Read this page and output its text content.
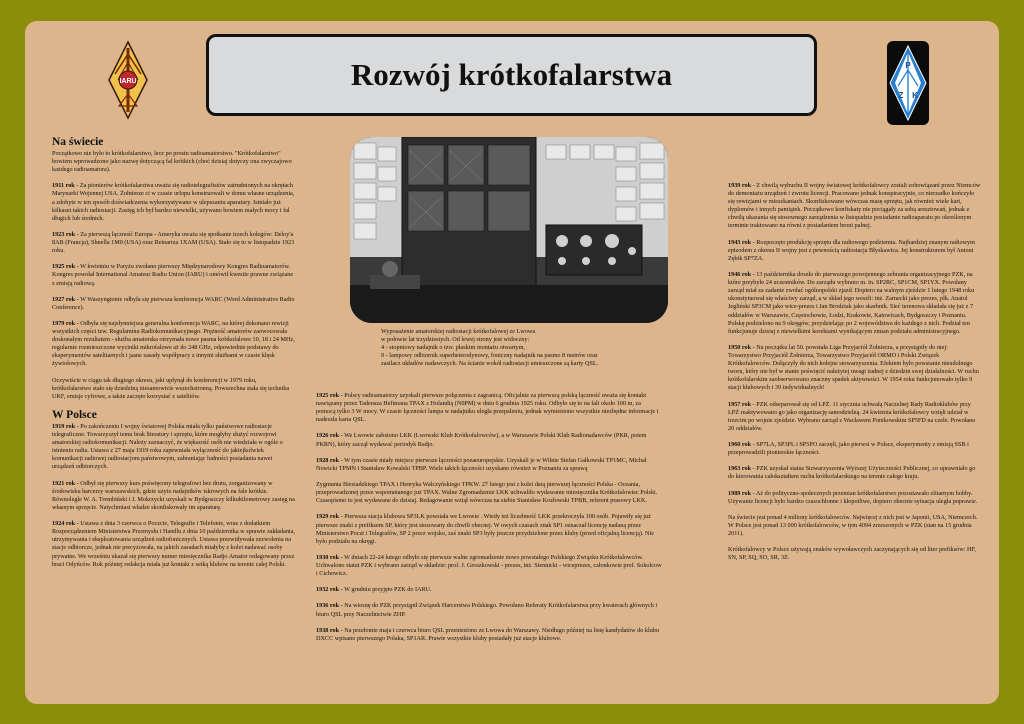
IARU
P
Z K
Rozwój krótkofalarstwa
Na świecie

Początkowo nie było to krótkofalarstwo, lecz po prostu radioamatorstwo. "Krótkofalarstwo" bowiem wprowadzono jako nazwę dotyczącą fal krótkich (choć dzisiaj dotyczy ona zwyczajowo każdego radioamatora).

1911 rok - Za pionierów krótkofalarstwa uważa się radiotelegrafistów zatrudnionych na okrętach Marynarki Wojennej USA. Żołnierze ci w czasie urlopu konstruowali w domu własne urządzenia, a zdobyte w ten sposób doświadczenia wykorzystywano w ulepszaniu aparatury. Istniało już kilkaset takich radiostacji. Zasięg ich był bardzo niewielki, używano bowiem małych mocy i fal długich lub średnich.

1923 rok - Za pierwszą łączność Europa - Ameryka uważa się spotkanie trzech kolegów: Deloy'a 8AB (Francja), Shnella 1M0 (USA) oraz Reinartza 1XAM (USA). Stało się to w listopadzie 1923 roku.

1925 rok - W kwietniu w Paryżu zwołano pierwszy Międzynarodowy Kongres Radioamatorów. Kongres powołał International Amateur Radio Union (IARU) i omówił kwestie prawne związane z emisją radiową.

1927 rok - W Waszyngtonie odbyła się pierwsza konferencja WARC (Word Administrative Radio Conference).

1979 rok - Odbyła się najsłynniejsza generalna konferencja WARC, na której dokonano rewizji wszystkich części tzw. Regulaminu Radiokomunikacyjnego. Prężność amatorów zaowocowała doskonałym rezultatem - służba amatorska otrzymała nowe pasma krótkofalowe 10, 18 i 24 MHz, regularnie rozmieszczone wyciniki mikrofalowe aż do 248 GHz, odpowiednie podstawy do eksperymentów satelitarnych i jasne zasady współpracy z innymi służbami w czasie klęsk żywiołowych.

Oczywiście w ciągu tak długiego okresu, jaki upłynął do konferencji w 1979 roku, krótkofalarstwo stało się dziedziną niesamowicie wszechstronną. Powszechna stała się technika UKF, emisje cyfrowe, a także zaczęto korzystać z satelitów.

W Polsce

1919 rok - Po zakończeniu I wojny światowej Polska miała tylko państwowe radiostacje telegraficzne. Towarzyszył temu brak literatury i sprzętu, które mogłyby służyć rozwojowi amatorskiej radiokomunikacji. Należy zaznaczyć, że większość osób nie wiedziała w ogóle o istnieniu radia. Ustawa z 27 maja 1919 roku zapewniała wyłączność do jakiejkolwiek komunikacji radiowej radiostacjom państwowym, zabraniając ludności posiadania nawet urządzeń odbiorczych.

1921 rok - Odbył się pierwszy kurs poświęcony telegrafowi bez drutu, zorganizowany w środowisku harcerzy warszawskich, gdzie użyto nadajników iskrowych na fale krótkie. Równolegle W. A. Trembiński i J. Mokrzycki uzyskali w Bydgoszczy kilkukilometrowy zasięg na własnym sprzęcie. Natychmiast władze skonfiskowały im aparaturę.

1924 rok - Ustawa z dnia 3 czerwca o Poczcie, Telegrafie i Telefonie, wraz z dodatkiem Rozporządzeniem Ministerstwa Przemysłu i Handlu z dnia 10 października w sprawie zakładania, utrzymywania i eksploatowania urządzeń radiofonicznych. Ustawa przewidywała zezwolenia na stacje odbiorcze, jednak nie precyzowała, na jakich zasadach miałyby z kolei nadawać osoby prywatne. We wrześniu ukazał się pierwszy numer miesięcznika Radjo Amator redagowany przez braci Odyńców. Rok później redakcja miała już kontakt z setką klubów na terenie całej Polski.

Wyposażenie amatorskiej radiostacji krótkofalowej ze Lwowa
w połowie lat trzydziestych. Od lewej strony jest widoczny:
4 - stopniowy nadajnik o tzw. płaskim montażu otwartym,
9 - lampowy odbiornik superheterodynowy, foniczny nadajnik na pasmo 8 metrów oraz
zasilacz układów nadawczych. Na ścianie wokół radiostacji umieszczone są karty QSL.

1925 rok - Polscy radioamatorzy uzyskali pierwsze połączenia z zagranicą. Oficjalnie za pierwszą polską łączność uważa się kontakt nawiązany przez Tadeusza Heftmana TPAX z Holandią (N0PM) w dniu 6 grudnia 1925 roku. Odbyło się to na fali około 100 m, za pomocą tylko 3 W mocy. W czasie łączności lampa w nadajniku uległa przepaleniu, jednak wymieniono wszystkie niezbędne informacje i nadeszła karta QSL.

1926 rok - We Lwowie założono LKK (Lwowski Klub Krótkofalowców), a w Warszawie Polski Klub Radionadawców (PKR, potem PKRN), który zaczął wydawać periodyk Radjo.

1928 rok - W tym czasie miały miejsce pierwsze łączności pozaeuropejskie. Uzyskali je w Wilnie Stefan Gałkowski TP1MC, Michał Nowicki TPMN i Stanisław Kowalski TPBP. Wiele takich łączności uzyskano również w Poznaniu za sprawą

Zygmunta Biesiadzkiego TPAX i Henryka Walczyńskiego TPKW. 27 lutego jest z kolei datą pierwszej łączności Polska - Oceania, przeprowadzonej przez wspomnianego już TPAX. Walne Zgromadzenie LKK uchwaliło wydawanie miesięcznika Krótkofalowiec Polski. Czasopismo to jest wydawane do dzisiaj. Redagowanie wziął wówczas na siebie Stanisław Kozłowski TPBB, referent prasowy LKK.

1929 rok - Pierwsza stacja klubowa SP3LK powstała we Lwowie . Wtedy też liczebność LKK przekroczyła 100 osób. Pojawiły się już pierwsze znaki z prefiksem SP, który jest stosowany do chwili obecnej. W owych czasach znak SP1 oznaczał licencję nadaną przez Ministerstwo Poczt i Telegrafów, SP 2 przez wojsko, zaś znaki SP3 były jeszcze przydzielone przez kluby (przed oficjalną licencją). Nie było podziału na okręgi.

1930 rok - W dniach 22-24 lutego odbyło się pierwsze walne zgromadzenie nowo powstałego Polskiego Związku Krótkofalowców. Uchwalono statut PZK i wybrano zarząd w składzie: prof. J. Groszkowski - prezes, inż. Siennicki - wiceprezes, członkowie prof. Sokolcow i Cichowicz.

1932 rok - W grudniu przyjęto PZK do IARU.

1936 rok - Na wiosnę do PZK przystąpił Związek Harcerstwa Polskiego. Powołano Referaty Krótkofalarstwa przy kwaterach głównych i biuro QSL przy Naczelnictwie ZHP.

1938 rok - Na przełomie maja i czerwca biuro QSL przeniesiono ze Lwowa do Warszawy. Niedługo później na listę kandydatów do klubu DXCC wpisano pierwszego Polaka, SP1AR. Prawie wszystkie kluby posiadały już stacje klubowe.

1939 rok - Z chwilą wybuchu II wojny światowej krótkofalowcy zostali zobowiązani przez Niemców do demontażu urządzeń i zwrotu licencji. Pracowano jednak konspiracyjnie, co nierzadko kończyło się rewizjami w mieszkaniach. Skonfiskowano wówczas masę sprzętu, jak również wiele kart, dyplomów i innych pamiątek. Początkowo konfiskaty nie pociągały za sobą aresztowań, jednak z chwilą ukazania się stosownego zarządzenia w listopadzie posiadanie radioaparatu po określonym terminie traktowano na równi z posiadaniem broni palnej.

1943 rok - Rozpoczęto produkcję sprzętu dla radiowego podziemia. Najbardziej znanym radiowym epizodem z okresu II wojny jest z pewnością radiostacja Błyskawica. Jej konstruktorem był Antoni Zębik SP7ZA.

1946 rok - 13 października doszło do pierwszego powojennego zebrania organizacyjnego PZK, na które przybyło 24 uczestników. Do zarządu wybrano m. in. SP2RC, SP1CM, SP1YX. Powołany zarząd miał za zadanie zwołać ogólnopolski zjazd. Dopiero na walnym zjeździe 1 lutego 1948 roku ukonstytuował się właściwy zarząd, a w skład jego weszli: inż. Zarnecki jako prezes, plk. Anatol Jegliński SP3CM jako wice-prezes i Jan Brodziak jako skarbnik. Sieć terenowa składała się już z 7 oddziałów w Warszawie, Częstochowie, Łodzi, Krakowie, Katowicach, Bydgoszczy i Poznaniu. Polskę podzielono na 9 okręgów, przydzielając po 2 województwa do każdego z nich. Podział ten funkcjonuje dzisiaj z niewielkimi korektami wynikającym zmian podziału administracyjnego.

1950 rok - Na początku lat 50. powstała Liga Przyjaciół Żołnierza, a przystąpiły do niej: Towarzystwo Przyjaciół Żołnierza, Towarzystwo Przyjaciół ORMO i Polski Związek Krótkofalowców. Dołączyły do nich kolejne stowarzyszenia. Efektem było powstanie nieudolnego tworu, który nie był w stanie poświęcić należytej uwagi żadnej z dziedzin swej działalności. W ruchu krótkofalarskim zaobserwowano znaczny spadek aktywności. W 1954 roku funkcjonowało tylko 9 stacji klubowych i 39 indywidualnych!

1957 rok - PZK odseparował się od LPŻ. 11 stycznia uchwałą Naczelnej Rady Radioklubów przy LPŻ reaktywowano go jako organizację samodzielną. 24 kwietnia krótkofalowcy wzięli udział w trzecim po wojnie zjeździe. Wybrano zarząd z Wacławem Ponikowskim SP5FD na czele. Powołano 20 oddziałów.

1960 rok - SP7LA, SP3PL i SP5PO zaczęli, jako pierwsi w Polsce, eksperymenty z emisją SSB i przeprowadzili pionierskie łączności.

1963 rok - PZK uzyskał status Stowarzyszenia Wyższej Użyteczności Publicznej, co uprawniało go do kierowania całokształtem ruchu krótkofalarskiego na terenie całego kraju.

1989 rok - Aż do polityczno-społecznych przemian krótkofalarstwo pozostawało elitarnym hobby. Używanie licencji było bardzo czasochłonne i kłopotliwe, dopiero obecnie sytuacja uległa poprawie.

Na świecie jest ponad 4 miliony krótkofalowców. Najwięcej z nich jest w Japonii, USA, Niemczech. W Polsce jest ponad 13 000 krótkofalowców, w tym 4094 zrzeszonych w PZK (stan na 15 grudnia 2011).

Krótkofalowcy w Polsce używają znaków wywoławczych zaczynających się od liter prefiksów: HF, SN, SP, SQ, SO, SR, 3Z.
